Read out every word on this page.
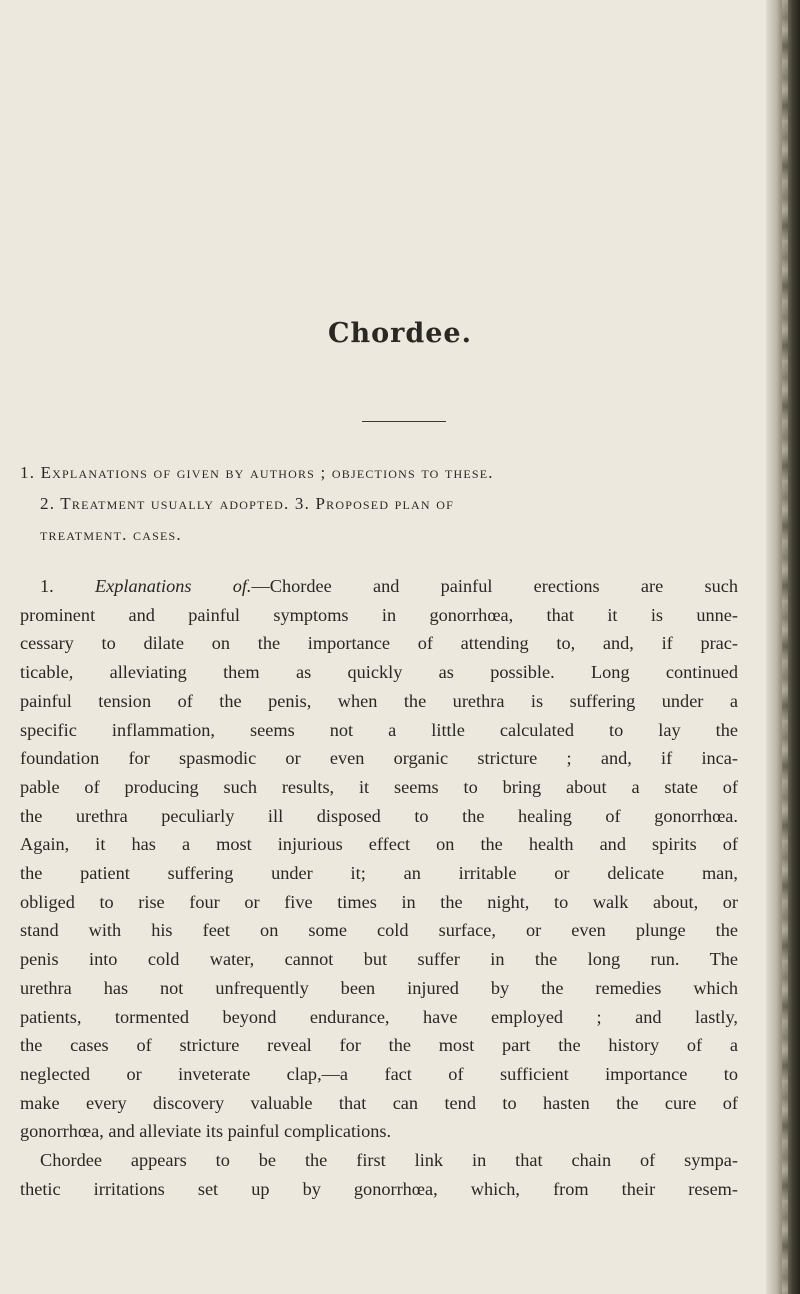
Chordee.
1. Explanations of given by authors ; objections to these.
2. Treatment usually adopted. 3. Proposed plan of
treatment. cases.
1. Explanations of.—Chordee and painful erections are such
prominent and painful symptoms in gonorrhœa, that it is unne-
cessary to dilate on the importance of attending to, and, if prac-
ticable, alleviating them as quickly as possible. Long continued
painful tension of the penis, when the urethra is suffering under a
specific inflammation, seems not a little calculated to lay the
foundation for spasmodic or even organic stricture ; and, if inca-
pable of producing such results, it seems to bring about a state of
the urethra peculiarly ill disposed to the healing of gonorrhœa.
Again, it has a most injurious effect on the health and spirits of
the patient suffering under it; an irritable or delicate man,
obliged to rise four or five times in the night, to walk about, or
stand with his feet on some cold surface, or even plunge the
penis into cold water, cannot but suffer in the long run. The
urethra has not unfrequently been injured by the remedies which
patients, tormented beyond endurance, have employed ; and lastly,
the cases of stricture reveal for the most part the history of a
neglected or inveterate clap,—a fact of sufficient importance to
make every discovery valuable that can tend to hasten the cure of
gonorrhœa, and alleviate its painful complications.
Chordee appears to be the first link in that chain of sympa-
thetic irritations set up by gonorrhœa, which, from their resem-
